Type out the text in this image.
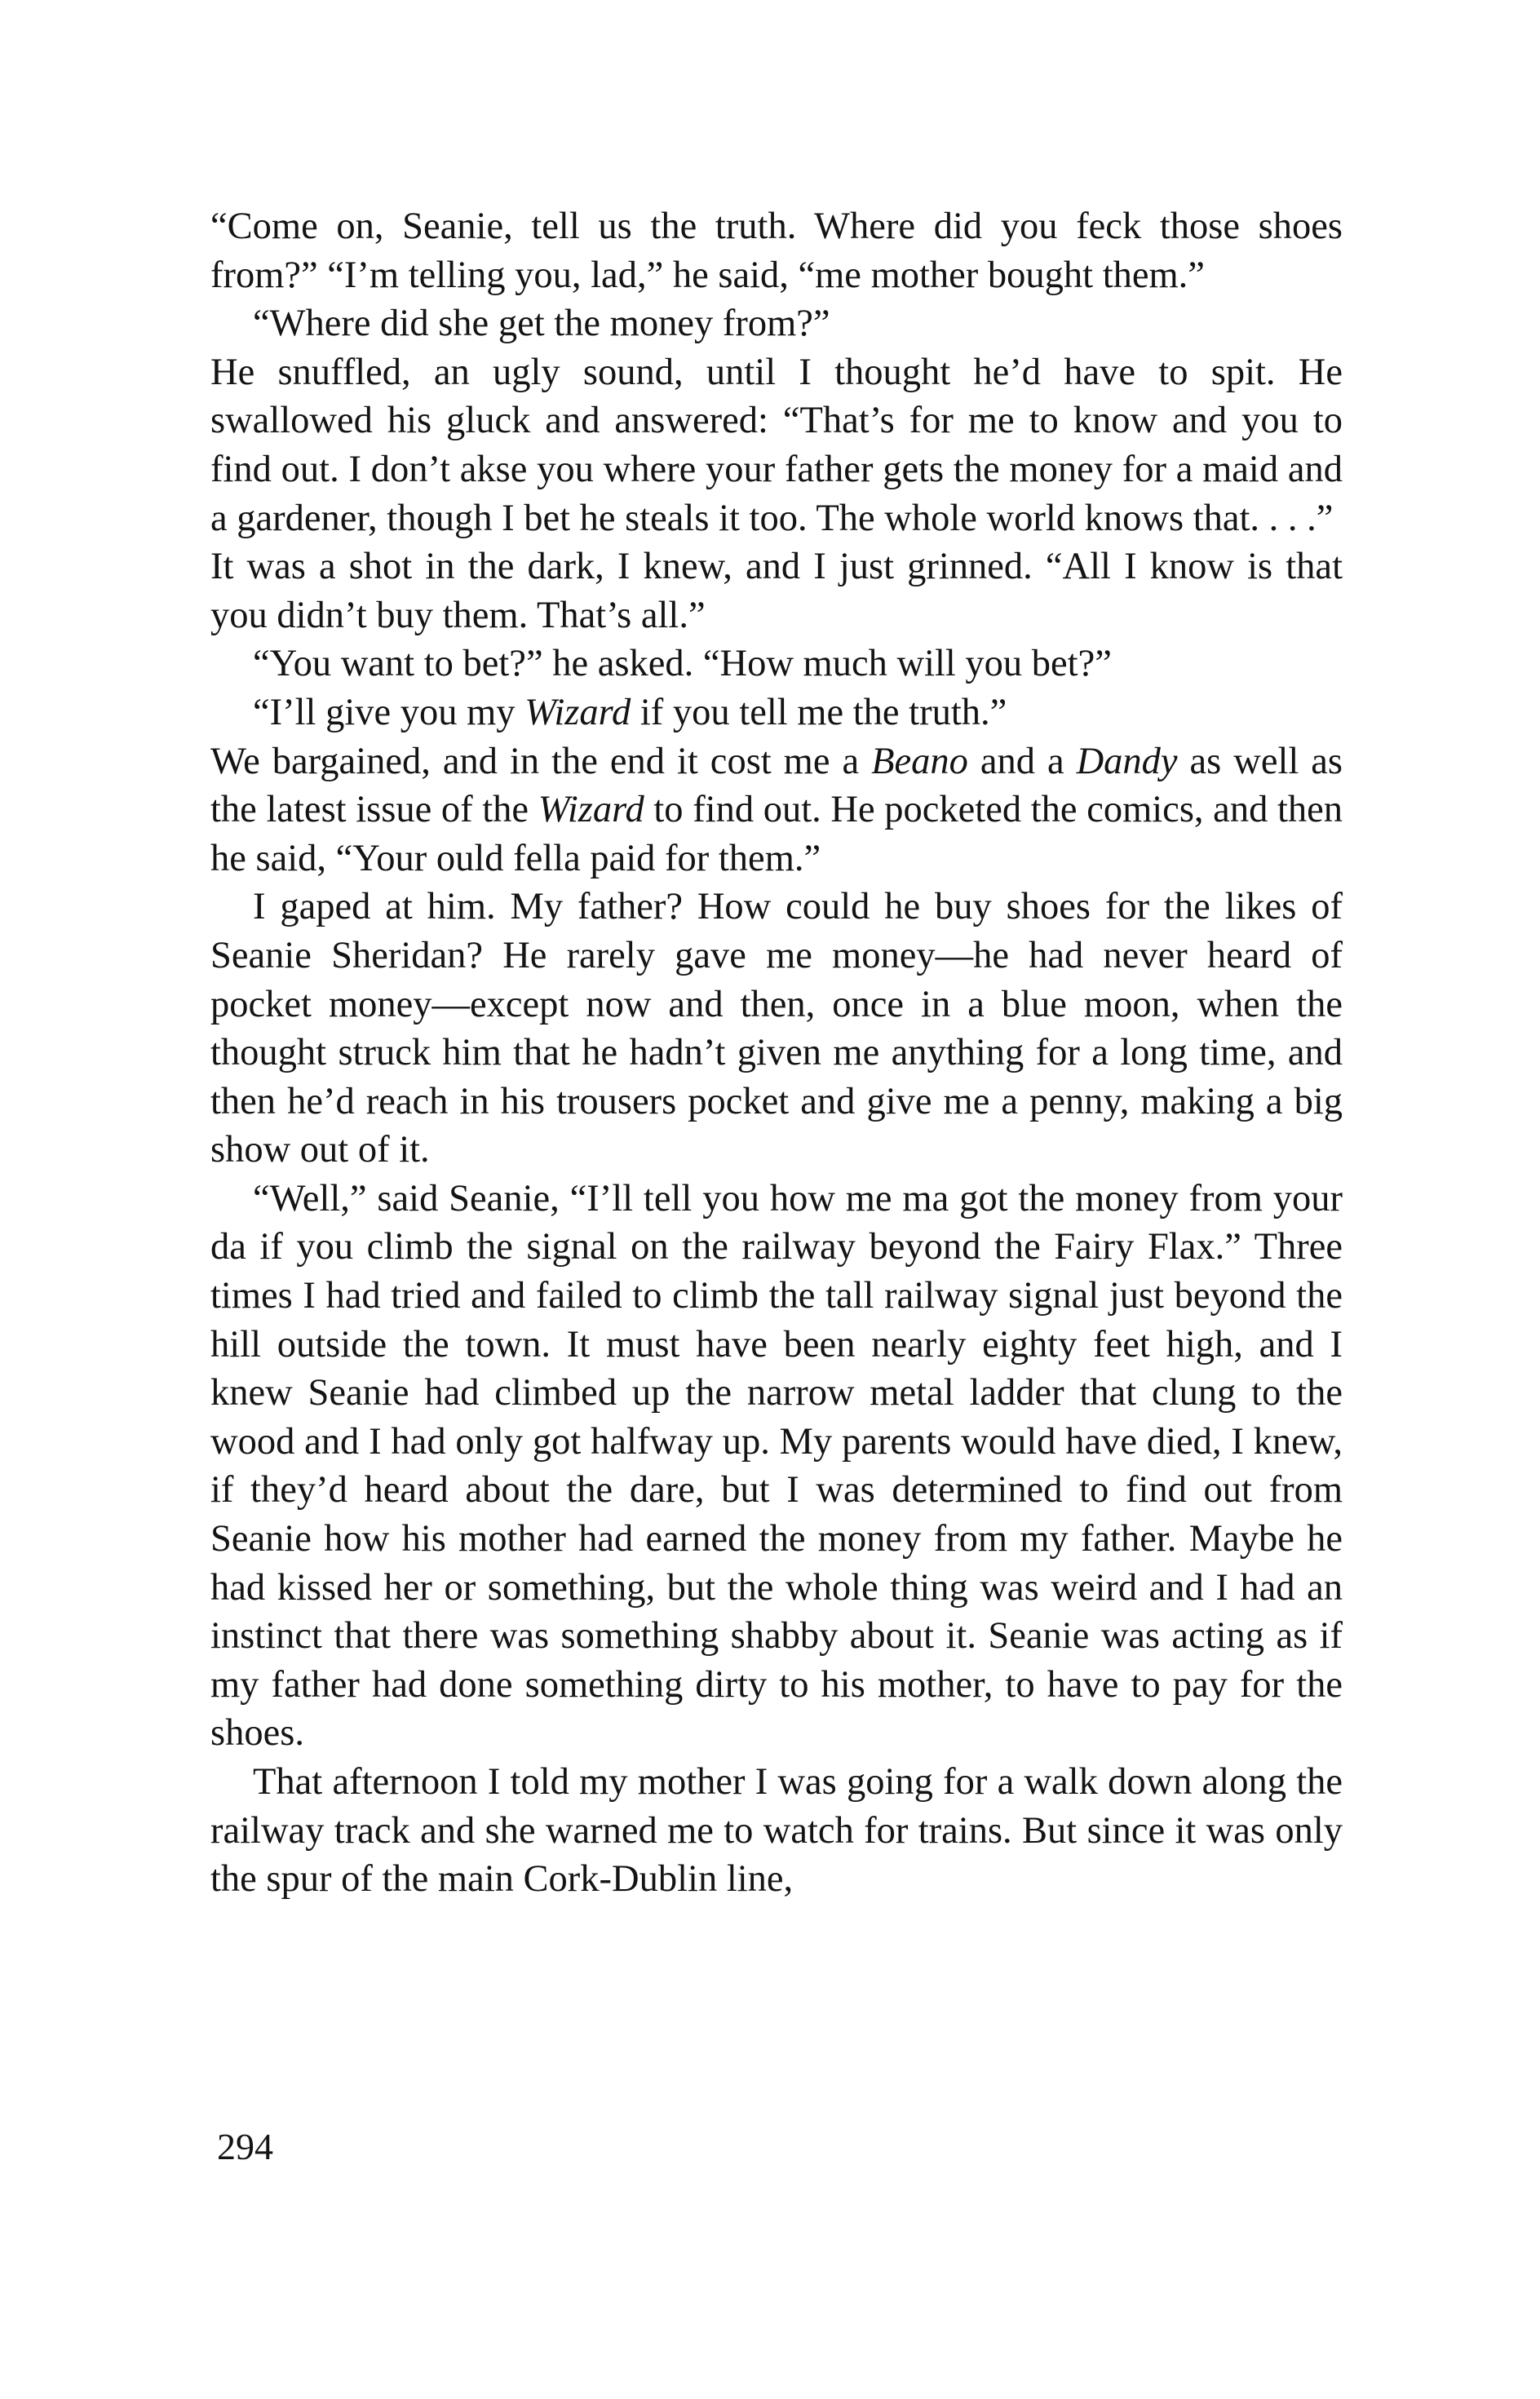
“Come on, Seanie, tell us the truth. Where did you feck those shoes from?” “I’m telling you, lad,” he said, “me mother bought them.”

“Where did she get the money from?”

He snuffled, an ugly sound, until I thought he’d have to spit. He swallowed his gluck and answered: “That’s for me to know and you to find out. I don’t akse you where your father gets the money for a maid and a gardener, though I bet he steals it too. The whole world knows that. . . .”

It was a shot in the dark, I knew, and I just grinned. “All I know is that you didn’t buy them. That’s all.”

“You want to bet?” he asked. “How much will you bet?”

“I’ll give you my Wizard if you tell me the truth.”

We bargained, and in the end it cost me a Beano and a Dandy as well as the latest issue of the Wizard to find out. He pocketed the comics, and then he said, “Your ould fella paid for them.”

I gaped at him. My father? How could he buy shoes for the likes of Seanie Sheridan? He rarely gave me money—he had never heard of pocket money—except now and then, once in a blue moon, when the thought struck him that he hadn’t given me anything for a long time, and then he’d reach in his trousers pocket and give me a penny, making a big show out of it.

“Well,” said Seanie, “I’ll tell you how me ma got the money from your da if you climb the signal on the railway beyond the Fairy Flax.” Three times I had tried and failed to climb the tall railway signal just beyond the hill outside the town. It must have been nearly eighty feet high, and I knew Seanie had climbed up the narrow metal ladder that clung to the wood and I had only got halfway up. My parents would have died, I knew, if they’d heard about the dare, but I was determined to find out from Seanie how his mother had earned the money from my father. Maybe he had kissed her or something, but the whole thing was weird and I had an instinct that there was something shabby about it. Seanie was acting as if my father had done something dirty to his mother, to have to pay for the shoes.

That afternoon I told my mother I was going for a walk down along the railway track and she warned me to watch for trains. But since it was only the spur of the main Cork-Dublin line,

294
